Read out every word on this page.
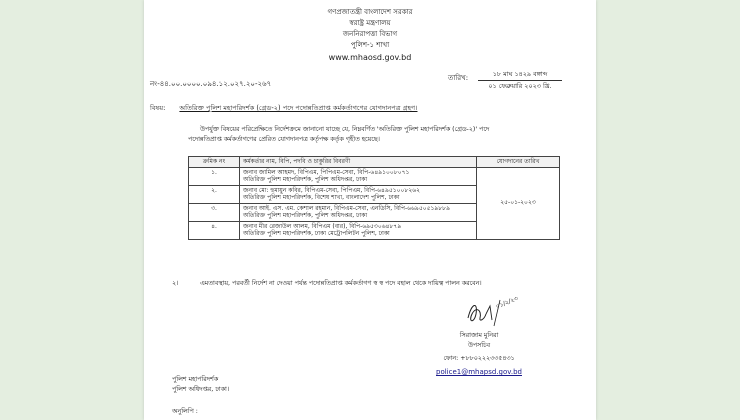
গণপ্রজাতন্ত্রী বাংলাদেশ সরকার
স্বরাষ্ট্র মন্ত্রণালয়
জননিরাপত্তা বিভাগ
পুলিশ-১ শাখা
www.mhaosd.gov.bd
নং-৪৪.০০.০০০০.০৯৪.১২.০২৭.২০-২৬৭
তারিখ:	১৮ মাঘ ১৪২৯ বঙ্গাব্দ
০১ ফেব্রুয়ারি ২০২৩ খ্রি.
বিষয়: অতিরিক্ত পুলিশ মহাপরিদর্শক (গ্রেড-২) পদে পদোন্নতিপ্রাপ্ত কর্মকর্তাগণের যোগদানপত্র গ্রহণ।
উপর্যুক্ত বিষয়ের পরিপ্রেক্ষিতে নির্দেশক্রমে জানানো যাচ্ছে যে, নিম্নবর্ণিত 'অতিরিক্ত পুলিশ মহাপরিদর্শক (গ্রেড-২)' পদে
পদোন্নতিপ্রাপ্ত কর্মকর্তাগণের প্রেরিত যোগদানপত্র কর্তৃপক্ষ কর্তৃক গৃহীত হয়েছে।
ক্রমিক নং	কর্মকর্তার নাম, বিপি, পদবি ও চাকুরির বিবরণী	যোগদানের তারিখ
১.	জনাব জামিল আহমদ, বিপিএম, পিপিএম-সেবা, বিপি-৬৪৯১০০৮০৭১
অতিরিক্ত পুলিশ মহাপরিদর্শক, পুলিশ অধিদপ্তর, ঢাকা	২৫-০১-২০২৩
২.	জনাব মো: হুমায়ুন কবির, বিপিএম-সেবা, পিপিএম, বিপি-৬৪৯৫১০০৮২৬২
অতিরিক্ত পুলিশ মহাপরিদর্শক, বিশেষ শাখা, বাংলাদেশ পুলিশ, ঢাকা	

৩.	জনাব আই. এস. এম. কেশাল রহমান, বিপিএম-সেবা, এনডিসি, বিপি-৬৬৯৫০৫১৯৮৮৯
অতিরিক্ত পুলিশ মহাপরিদর্শক, পুলিশ অধিদপ্তর, ঢাকা	

৪.	জনাব মীর রেজাউল আলম, বিপিএম (বার), বিপি-৬৯৫৩০৬৪৮৭৯
অতিরিক্ত পুলিশ মহাপরিদর্শক, ঢাকা মেট্রোপলিটন পুলিশ, ঢাকা	
২।	এমতাবস্থায়, পরবর্তী নির্দেশ না দেওয়া পর্যন্ত পদোন্নতিপ্রাপ্ত কর্মকর্তাগণ স্ব স্ব পদে বহাল থেকে দায়িত্ব পালন করবেন।
০১/২/২৩
সিরাজাম মুনিরা
উপসচিব
ফোন: +৮৮০২২২৩৩৫৪৩১
police1@mhapsd.gov.bd
পুলিশ মহাপরিদর্শক
পুলিশ অধিদপ্তর, ঢাকা।
অনুলিপি :
